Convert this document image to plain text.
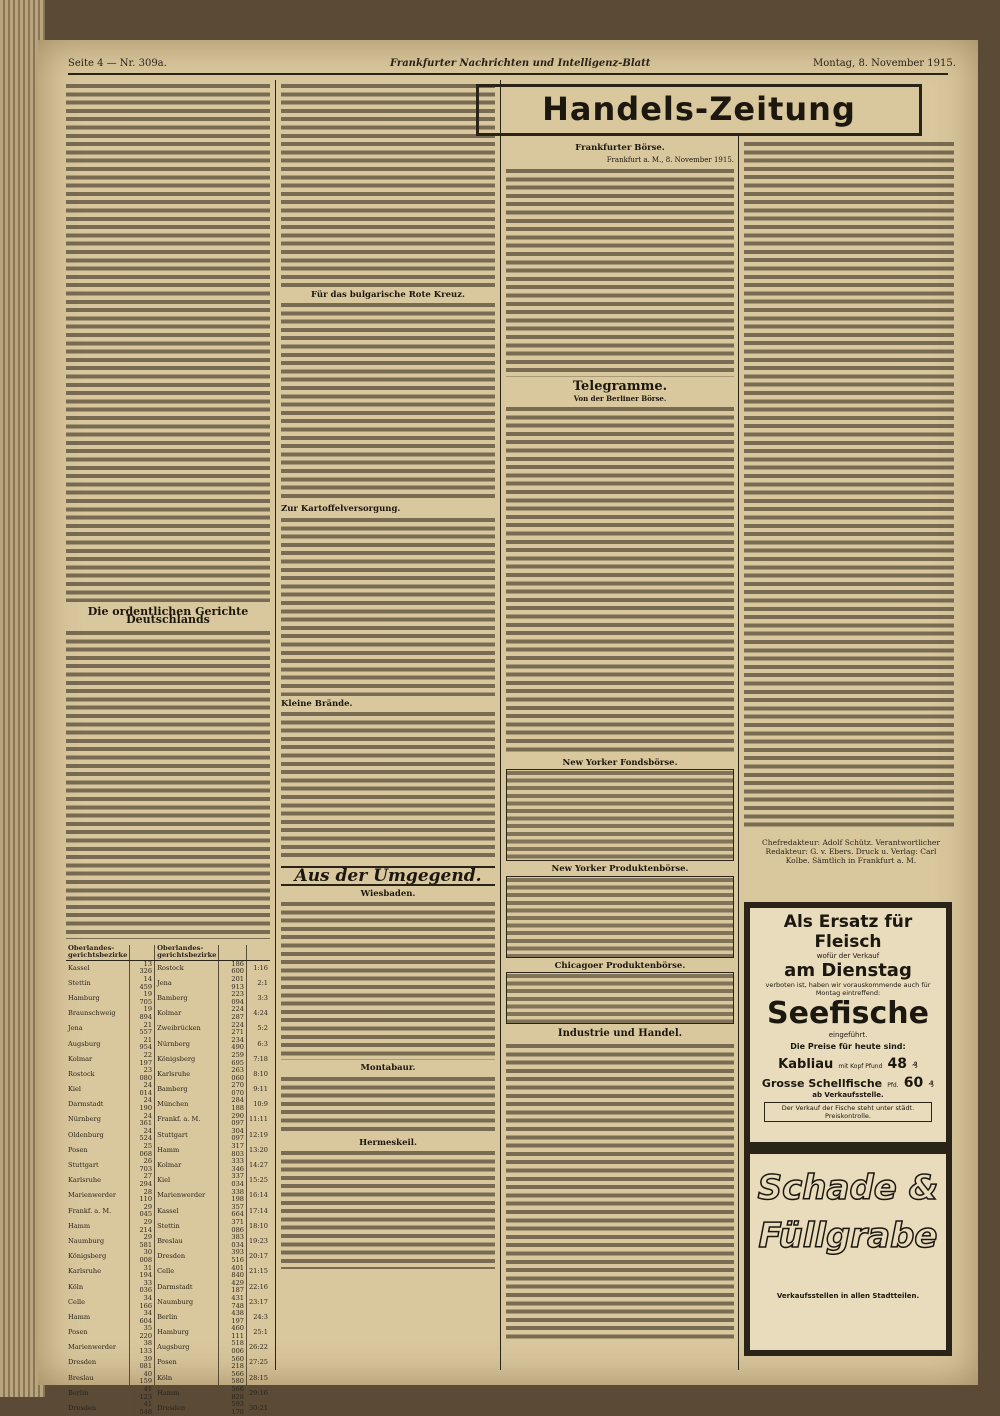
Seite 4 — Nr. 309a.	Frankfurter Nachrichten und Intelligenz-Blatt	Montag, 8. November 1915.
Die ordentlichen Gerichte Deutschlands
Oberlandes-gerichtsbezirke		Oberlandes-gerichtsbezirke		
Kassel	13 326	Rostock	186 600	1:16
Stettin	14 459	Jena	201 913	2:1
Hamburg	19 705	Bamberg	223 094	3:3
Braunschweig	19 894	Kolmar	224 287	4:24
Jena	21 557	Zweibrücken	224 271	5:2
Augsburg	21 954	Nürnberg	234 490	6:3
Kolmar	22 197	Königsberg	259 695	7:18
Rostock	23 080	Karlsruhe	263 060	8:10
Kiel	24 014	Bamberg	270 070	9:11
Darmstadt	24 190	München	284 188	10:9
Nürnberg	24 361	Frankf. a. M.	290 097	11:11
Oldenburg	24 524	Stuttgart	304 097	12:19
Posen	25 068	Hamm	317 803	13:20
Stuttgart	26 703	Kolmar	333 346	14:27
Karlsruhe	27 294	Kiel	337 034	15:25
Marienwerder	28 110	Marienwerder	338 198	16:14
Frankf. a. M.	29 045	Kassel	357 664	17:14
Hamm	29 214	Stettin	371 086	18:10
Naumburg	29 581	Breslau	383 034	19:23
Königsberg	30 008	Dresden	393 516	20:17
Karlsruhe	31 194	Celle	401 840	21:15
Köln	33 036	Darmstadt	429 187	22:16
Celle	34 166	Naumburg	431 748	23:17
Hamm	34 604	Berlin	438 197	24:3
Posen	35 220	Hamburg	460 111	25:1
Marienwerder	38 133	Augsburg	518 006	26:22
Dresden	39 081	Posen	560 218	27:25
Breslau	40 159	Köln	566 580	28:15
Berlin	41 123	Hamm	566 828	29:16
Dresden	41 548	Dresden	593 178	30:21
Für das bulgarische Rote Kreuz.
Zur Kartoffelversorgung.
Kleine Brände.
Aus der Umgegend.
Wiesbaden.
Montabaur.
Hermeskeil.
Handels-Zeitung
Frankfurter Börse.
Frankfurt a. M., 8. November 1915.
Telegramme.
Von der Berliner Börse.
New Yorker Fondsbörse.
New Yorker Produktenbörse.
Chicagoer Produktenbörse.
Industrie und Handel.
Chefredakteur: Adolf Schütz. Verantwortlicher Redakteur: G. v. Ebers. Druck u. Verlag: Carl Kolbe. Sämtlich in Frankfurt a. M.
Als Ersatz für Fleisch
wofür der Verkauf
am Dienstag
verboten ist, haben wir vorauskommende auch für Montag eintreffend:
Seefische
eingeführt.
Die Preise für heute sind:
Kabliau mit Kopf Pfund 48 ₰
Grosse Schellfische Pfd. 60 ₰
ab Verkaufsstelle.
Der Verkauf der Fische steht unter städt. Preiskontrolle.
Schade &
Füllgrabe
Verkaufsstellen in allen Stadtteilen.
